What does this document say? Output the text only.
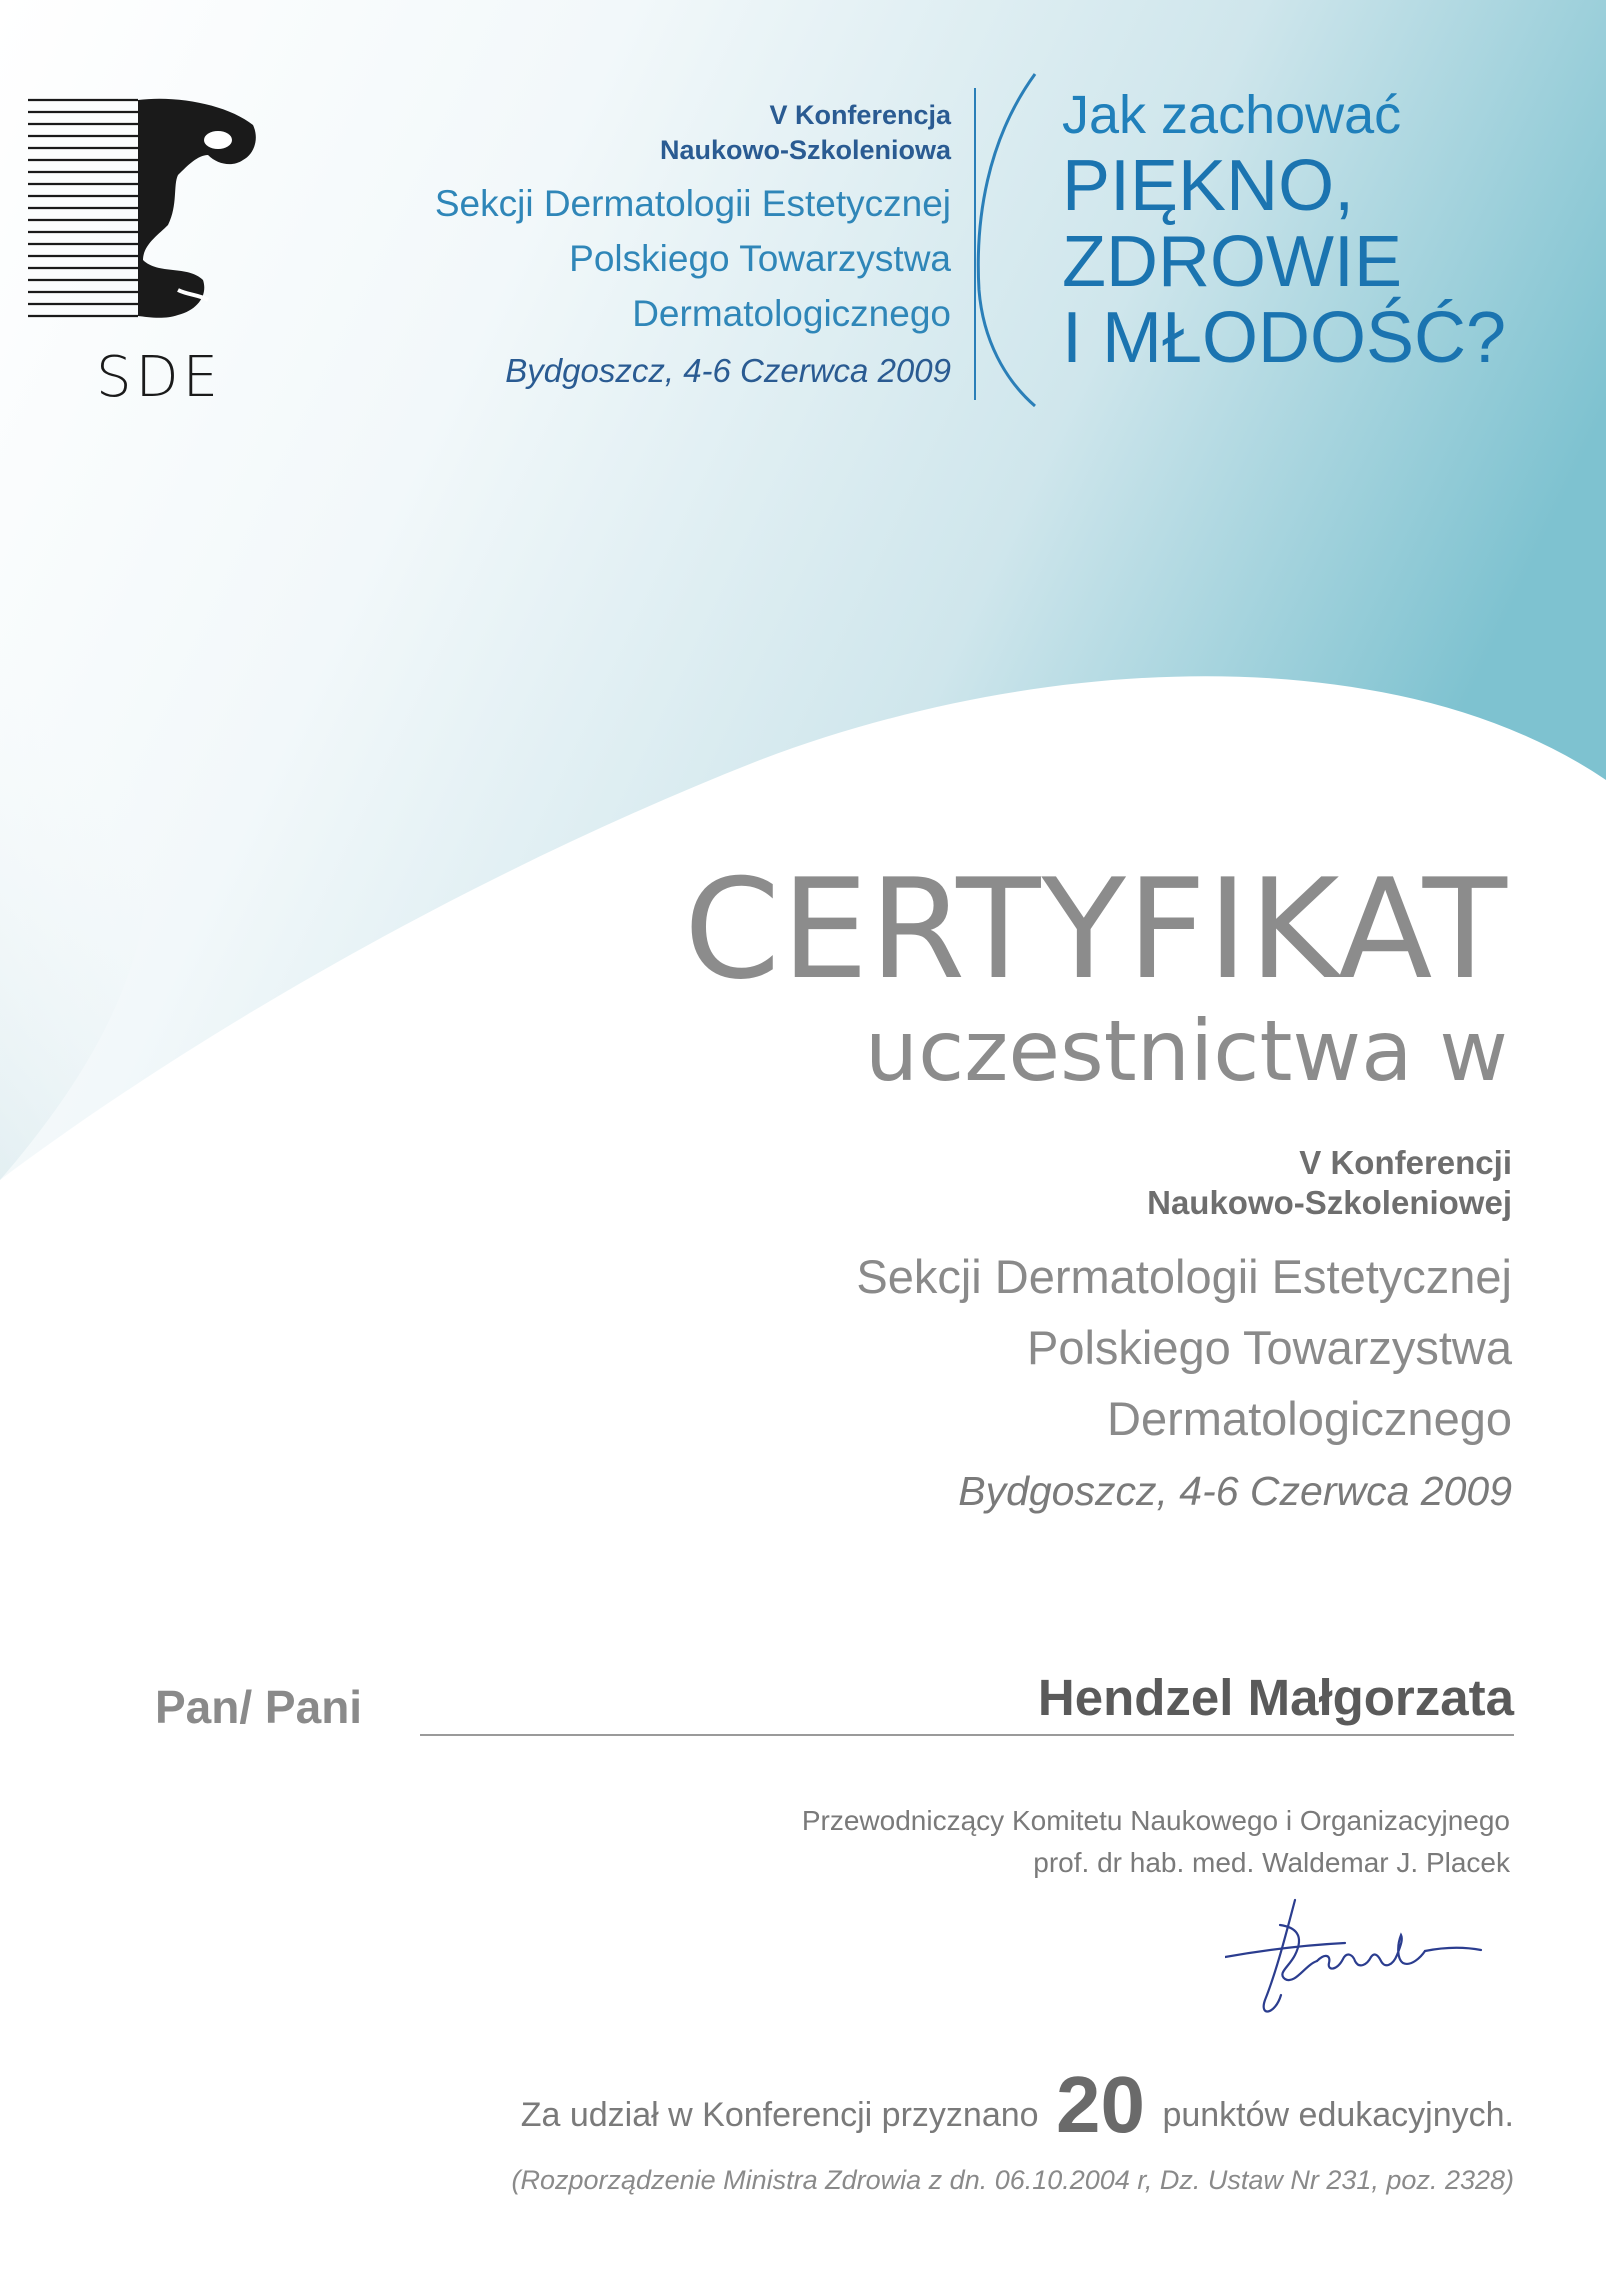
SDE
V Konferencja
Naukowo-Szkoleniowa
Sekcji Dermatologii Estetycznej
Polskiego Towarzystwa
Dermatologicznego
Bydgoszcz, 4-6 Czerwca 2009
Jak zachować
PIĘKNO,
ZDROWIE
I MŁODOŚĆ?
CERTYFIKAT
uczestnictwa w
V Konferencji
Naukowo-Szkoleniowej
Sekcji Dermatologii Estetycznej
Polskiego Towarzystwa
Dermatologicznego
Bydgoszcz, 4-6 Czerwca 2009
Pan/ Pani	Hendzel Małgorzata
Przewodniczący Komitetu Naukowego i Organizacyjnego
prof. dr hab. med. Waldemar J. Placek
Za udział w Konferencji przyznano 20 punktów edukacyjnych.
(Rozporządzenie Ministra Zdrowia z dn. 06.10.2004 r, Dz. Ustaw Nr 231, poz. 2328)
